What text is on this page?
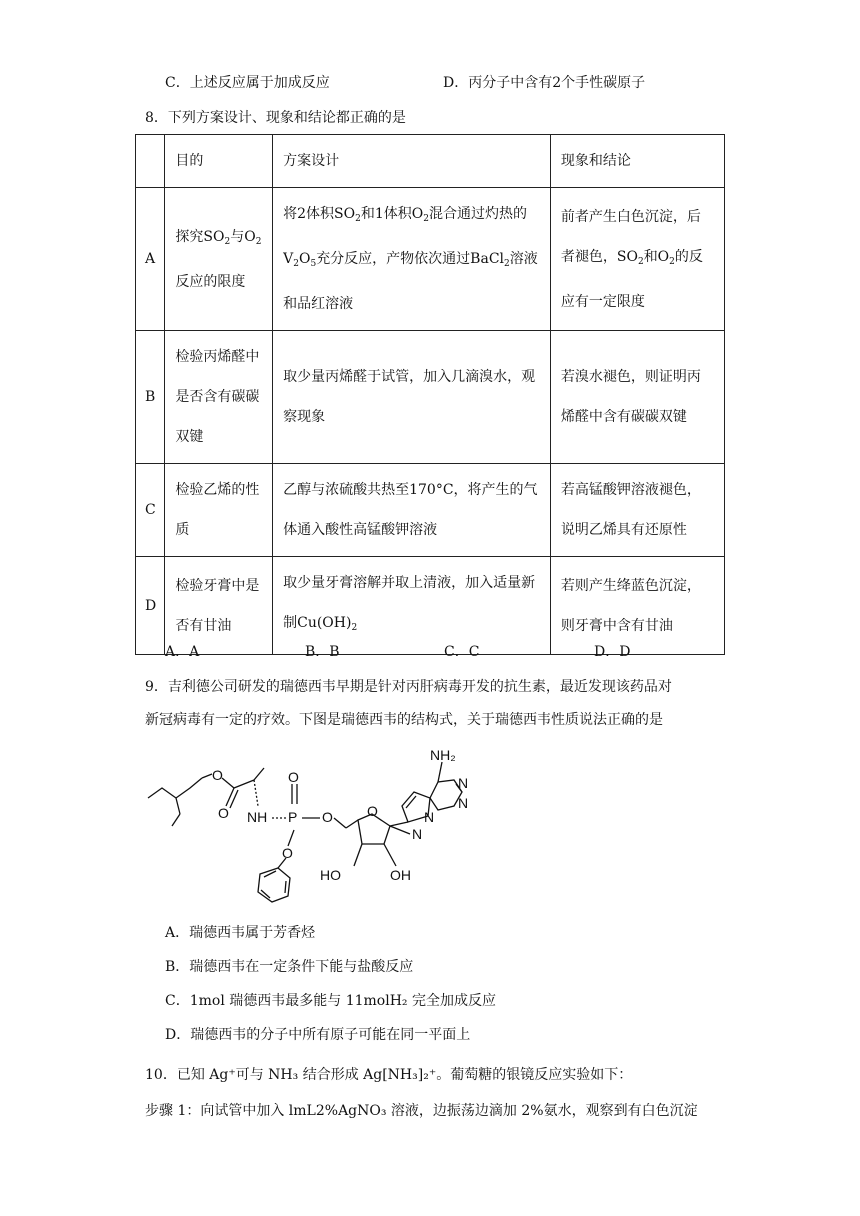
C．上述反应属于加成反应	D．丙分子中含有2个手性碳原子
8．下列方案设计、现象和结论都正确的是
	目的	方案设计	现象和结论
A	探究$SO_2$与$O_2$反应的限度	将2体积$SO_2$和1体积$O_2$混合通过灼热的$V_2O_5$充分反应，产物依次通过BaCl$_2$溶液和品红溶液	前者产生白色沉淀，后者褪色，$SO_2$和$O_2$的反应有一定限度

B	检验丙烯醛中是否含有碳碳双键	取少量丙烯醛于试管，加入几滴溴水，观察现象	若溴水褪色，则证明丙烯醛中含有碳碳双键

C	检验乙烯的性质	乙醇与浓硫酸共热至170°C，将产生的气体通入酸性高锰酸钾溶液	若高锰酸钾溶液褪色，说明乙烯具有还原性

D	检验牙膏中是否有甘油	取少量牙膏溶解并取上清液，加入适量新制$Cu(OH)_2$	若则产生绛蓝色沉淀，则牙膏中含有甘油
A．A	B．B	C．C	D．D
9．吉利德公司研发的瑞德西韦早期是针对丙肝病毒开发的抗生素，最近发现该药品对
新冠病毒有一定的疗效。下图是瑞德西韦的结构式，关于瑞德西韦性质说法正确的是
O
O NH P
O
O O
O
N
N
N
N
NH₂
HO	OH
A．瑞德西韦属于芳香烃
B．瑞德西韦在一定条件下能与盐酸反应
C．1mol 瑞德西韦最多能与 11molH₂ 完全加成反应
D．瑞德西韦的分子中所有原子可能在同一平面上
10．已知 Ag⁺可与 NH₃ 结合形成 Ag[NH₃]₂⁺。葡萄糖的银镜反应实验如下：
步骤 1：向试管中加入 lmL2%AgNO₃ 溶液，边振荡边滴加 2%氨水，观察到有白色沉淀
